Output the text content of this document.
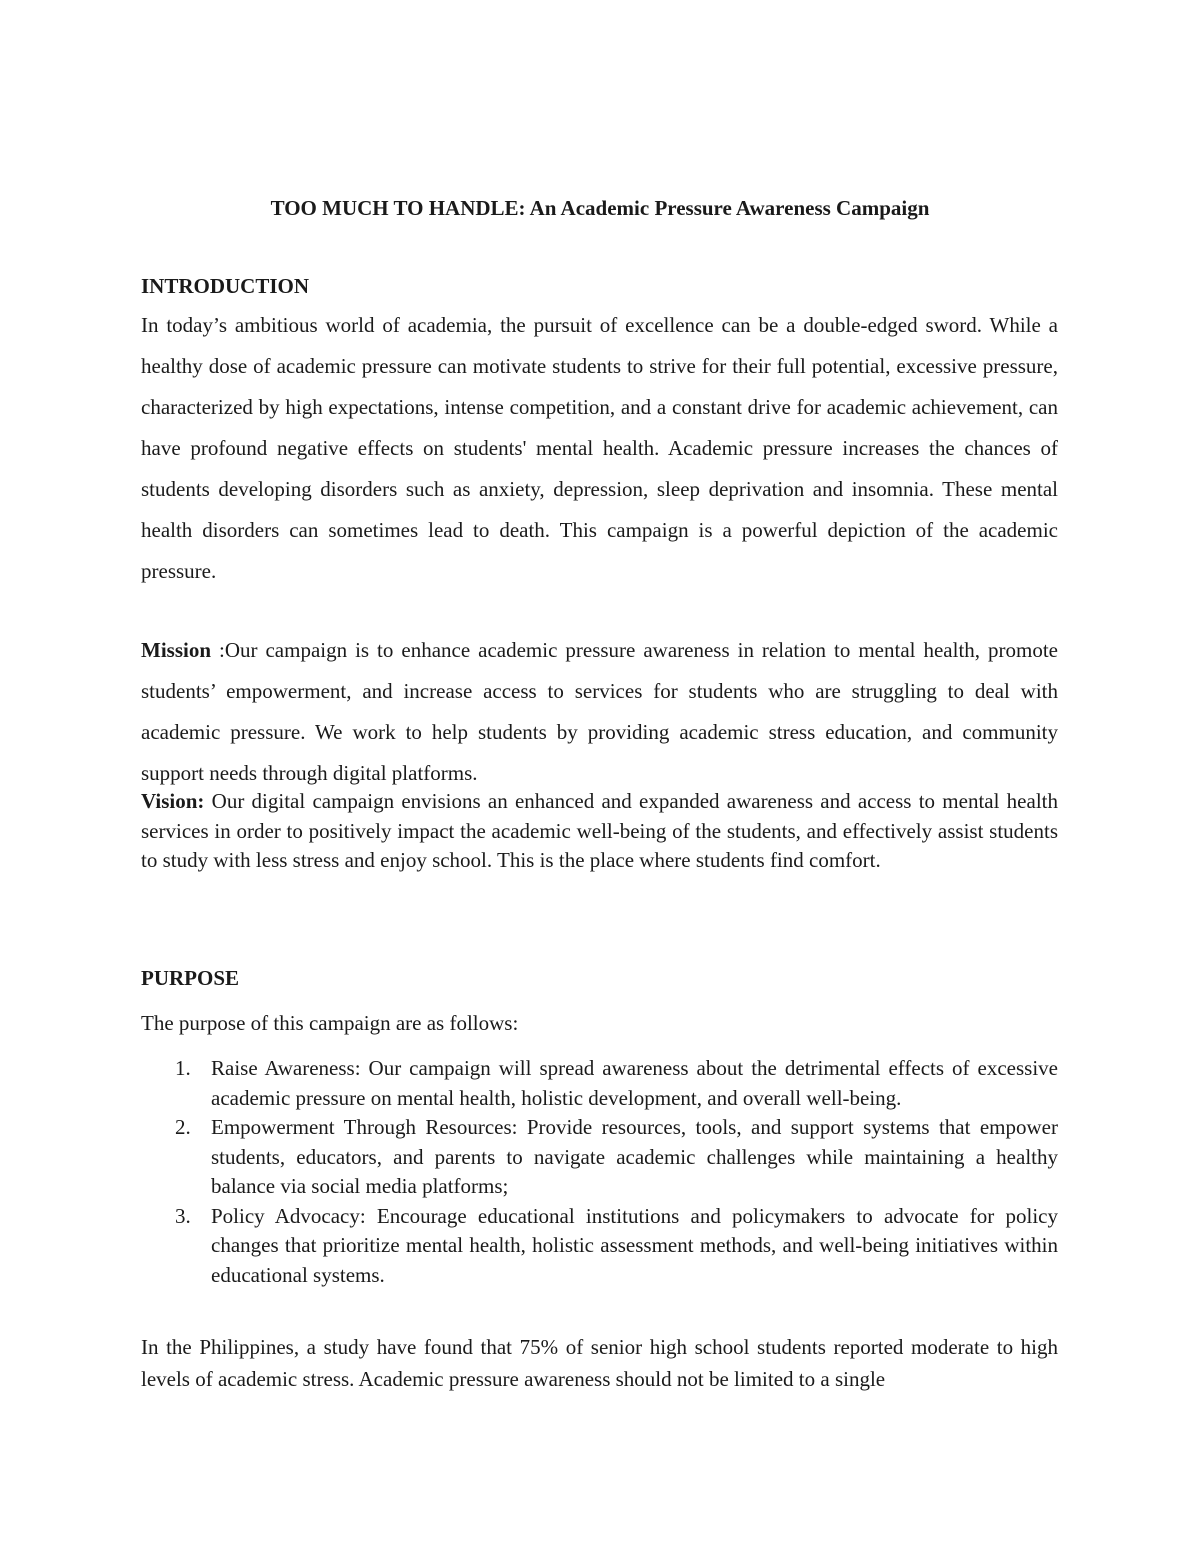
TOO MUCH TO HANDLE: An Academic Pressure Awareness Campaign
INTRODUCTION
In today’s ambitious world of academia, the pursuit of excellence can be a double-edged sword. While a healthy dose of academic pressure can motivate students to strive for their full potential, excessive pressure, characterized by high expectations, intense competition, and a constant drive for academic achievement, can have profound negative effects on students' mental health. Academic pressure increases the chances of students developing disorders such as anxiety, depression, sleep deprivation and insomnia. These mental health disorders can sometimes lead to death. This campaign is a powerful depiction of the academic pressure.
Mission :Our campaign is to enhance academic pressure awareness in relation to mental health, promote students’ empowerment, and increase access to services for students who are struggling to deal with academic pressure. We work to help students by providing academic stress education, and community support needs through digital platforms.
Vision: Our digital campaign envisions an enhanced and expanded awareness and access to mental health services in order to positively impact the academic well-being of the students, and effectively assist students to study with less stress and enjoy school. This is the place where students find comfort.
PURPOSE
The purpose of this campaign are as follows:
1. Raise Awareness: Our campaign will spread awareness about the detrimental effects of excessive academic pressure on mental health, holistic development, and overall well-being.
2. Empowerment Through Resources: Provide resources, tools, and support systems that empower students, educators, and parents to navigate academic challenges while maintaining a healthy balance via social media platforms;
3. Policy Advocacy: Encourage educational institutions and policymakers to advocate for policy changes that prioritize mental health, holistic assessment methods, and well-being initiatives within educational systems.
In the Philippines, a study have found that 75% of senior high school students reported moderate to high levels of academic stress. Academic pressure awareness should not be limited to a single
